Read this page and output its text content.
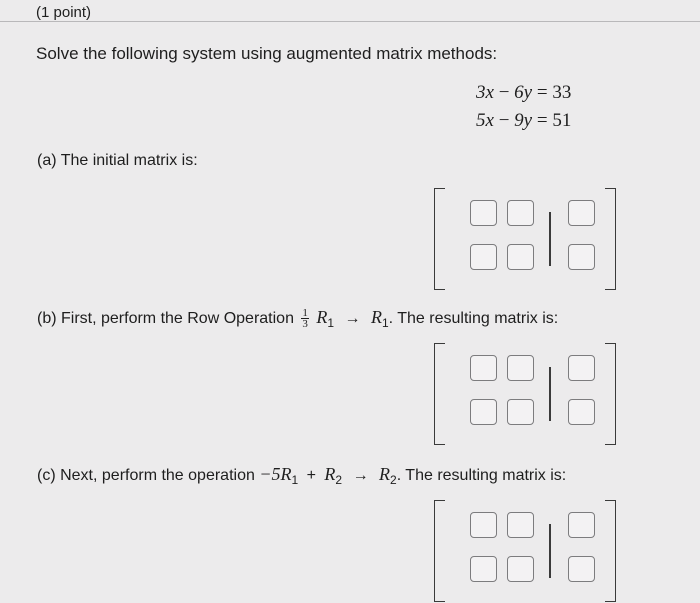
(1 point)
Solve the following system using augmented matrix methods:
3x − 6y = 33
5x − 9y = 51
(a) The initial matrix is:
(b) First, perform the Row Operation $\frac{1}{3} R_1 \to R_1$. The resulting matrix is:
(c) Next, perform the operation $-5R_1 + R_2 \to R_2$. The resulting matrix is:
